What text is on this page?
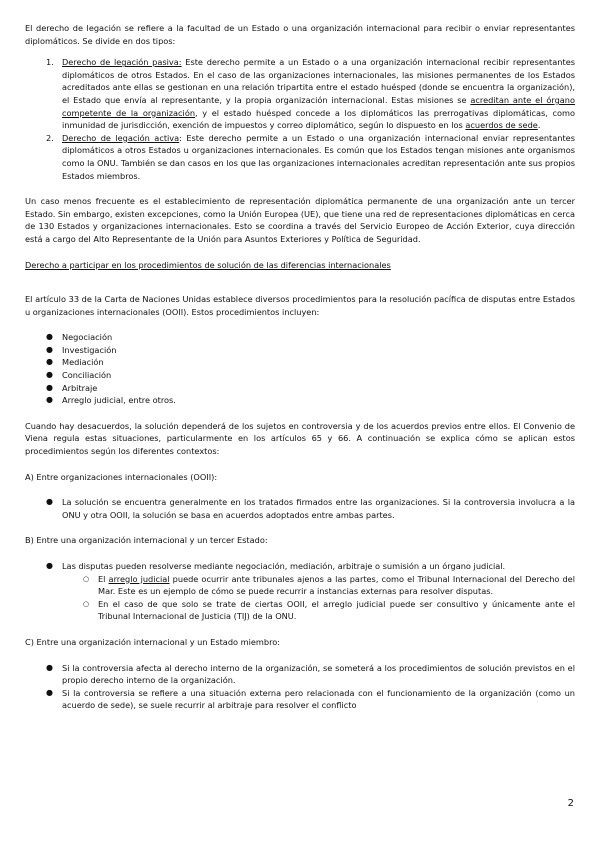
El derecho de legación se refiere a la facultad de un Estado o una organización internacional para recibir o enviar representantes diplomáticos. Se divide en dos tipos:

1. Derecho de legación pasiva: Este derecho permite a un Estado o a una organización internacional recibir representantes diplomáticos de otros Estados. En el caso de las organizaciones internacionales, las misiones permanentes de los Estados acreditados ante ellas se gestionan en una relación tripartita entre el estado huésped (donde se encuentra la organización), el Estado que envía al representante, y la propia organización internacional. Estas misiones se acreditan ante el órgano competente de la organización, y el estado huésped concede a los diplomáticos las prerrogativas diplomáticas, como inmunidad de jurisdicción, exención de impuestos y correo diplomático, según lo dispuesto en los acuerdos de sede.
2. Derecho de legación activa: Este derecho permite a un Estado o una organización internacional enviar representantes diplomáticos a otros Estados u organizaciones internacionales. Es común que los Estados tengan misiones ante organismos como la ONU. También se dan casos en los que las organizaciones internacionales acreditan representación ante sus propios Estados miembros.

Un caso menos frecuente es el establecimiento de representación diplomática permanente de una organización ante un tercer Estado. Sin embargo, existen excepciones, como la Unión Europea (UE), que tiene una red de representaciones diplomáticas en cerca de 130 Estados y organizaciones internacionales. Esto se coordina a través del Servicio Europeo de Acción Exterior, cuya dirección está a cargo del Alto Representante de la Unión para Asuntos Exteriores y Política de Seguridad.

Derecho a participar en los procedimientos de solución de las diferencias internacionales

El artículo 33 de la Carta de Naciones Unidas establece diversos procedimientos para la resolución pacífica de disputas entre Estados u organizaciones internacionales (OOII). Estos procedimientos incluyen:

● Negociación
● Investigación
● Mediación
● Conciliación
● Arbitraje
● Arreglo judicial, entre otros.

Cuando hay desacuerdos, la solución dependerá de los sujetos en controversia y de los acuerdos previos entre ellos. El Convenio de Viena regula estas situaciones, particularmente en los artículos 65 y 66. A continuación se explica cómo se aplican estos procedimientos según los diferentes contextos:

A) Entre organizaciones internacionales (OOII):

● La solución se encuentra generalmente en los tratados firmados entre las organizaciones. Si la controversia involucra a la ONU y otra OOII, la solución se basa en acuerdos adoptados entre ambas partes.

B) Entre una organización internacional y un tercer Estado:

● Las disputas pueden resolverse mediante negociación, mediación, arbitraje o sumisión a un órgano judicial.
○ El arreglo judicial puede ocurrir ante tribunales ajenos a las partes, como el Tribunal Internacional del Derecho del Mar. Este es un ejemplo de cómo se puede recurrir a instancias externas para resolver disputas.
○ En el caso de que solo se trate de ciertas OOII, el arreglo judicial puede ser consultivo y únicamente ante el Tribunal Internacional de Justicia (TIJ) de la ONU.

C) Entre una organización internacional y un Estado miembro:

● Si la controversia afecta al derecho interno de la organización, se someterá a los procedimientos de solución previstos en el propio derecho interno de la organización.
● Si la controversia se refiere a una situación externa pero relacionada con el funcionamiento de la organización (como un acuerdo de sede), se suele recurrir al arbitraje para resolver el conflicto
2
